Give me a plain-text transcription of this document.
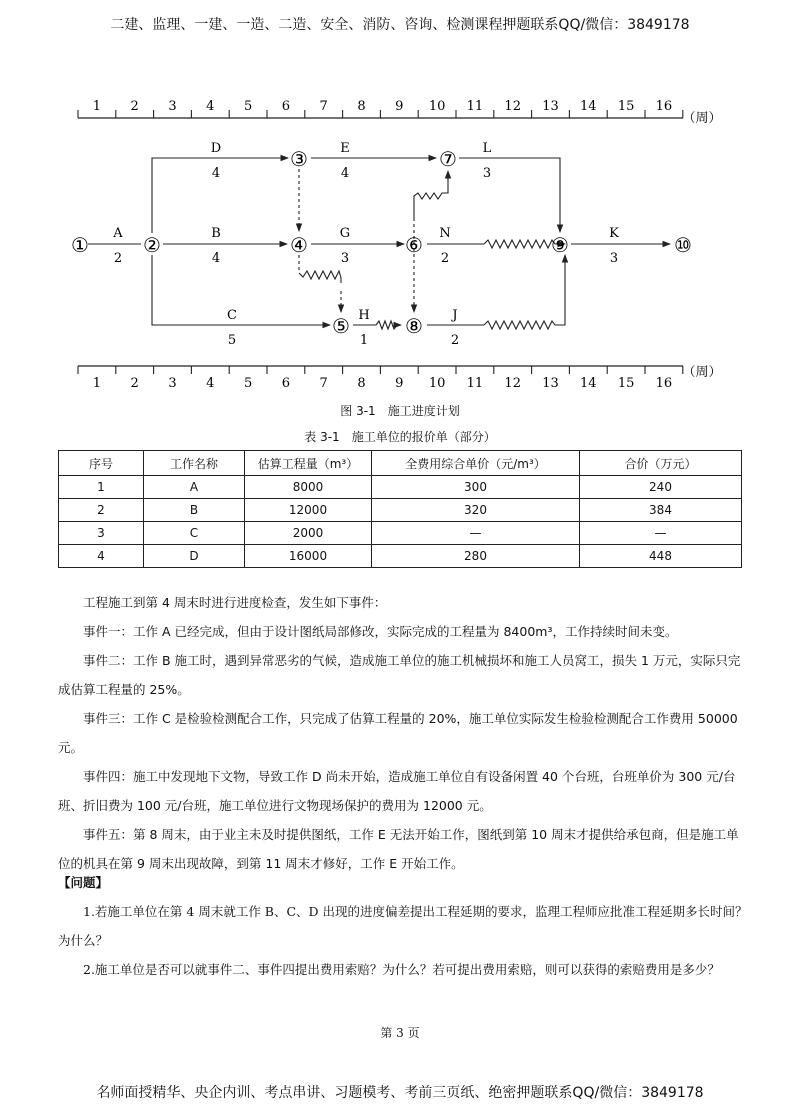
二建、监理、一建、一造、二造、安全、消防、咨询、检测课程押题联系QQ/微信：3849178
1 2 3 4 5 6 7 8 9 10 11 12 13 14 15 16
（周）
1 2 3 4 5 6 7 8 9 10 11 12 13 14 15 16
（周）
A
2
B
4
C
5
D
4
E
4
G
3
H
1
J
2
K
3
L
3
N
2
①	②
③
④
⑤
⑥
⑦
⑧
⑨	⑩
图 3-1　施工进度计划
表 3-1　施工单位的报价单（部分）
序号	工作名称	估算工程量（m³）	全费用综合单价（元/m³）	合价（万元）
1	A	8000	300	240
2	B	12000	320	384
3	C	2000	—	—
4	D	16000	280	448

工程施工到第 4 周末时进行进度检查，发生如下事件：

事件一：工作 A 已经完成，但由于设计图纸局部修改，实际完成的工程量为 8400m³，工作持续时间未变。

事件二：工作 B 施工时，遇到异常恶劣的气候，造成施工单位的施工机械损坏和施工人员窝工，损失 1 万元，实际只完成估算工程量的 25%。

事件三：工作 C 是检验检测配合工作，只完成了估算工程量的 20%，施工单位实际发生检验检测配合工作费用 50000 元。

事件四：施工中发现地下文物，导致工作 D 尚未开始，造成施工单位自有设备闲置 40 个台班，台班单价为 300 元/台班、折旧费为 100 元/台班，施工单位进行文物现场保护的费用为 12000 元。

事件五：第 8 周末，由于业主未及时提供图纸，工作 E 无法开始工作，图纸到第 10 周末才提供给承包商，但是施工单位的机具在第 9 周末出现故障，到第 11 周末才修好，工作 E 开始工作。

【问题】

1.若施工单位在第 4 周末就工作 B、C、D 出现的进度偏差提出工程延期的要求，监理工程师应批准工程延期多长时间？为什么？

2.施工单位是否可以就事件二、事件四提出费用索赔？为什么？若可提出费用索赔，则可以获得的索赔费用是多少？

第 3 页
名师面授精华、央企内训、考点串讲、习题模考、考前三页纸、绝密押题联系QQ/微信：3849178
